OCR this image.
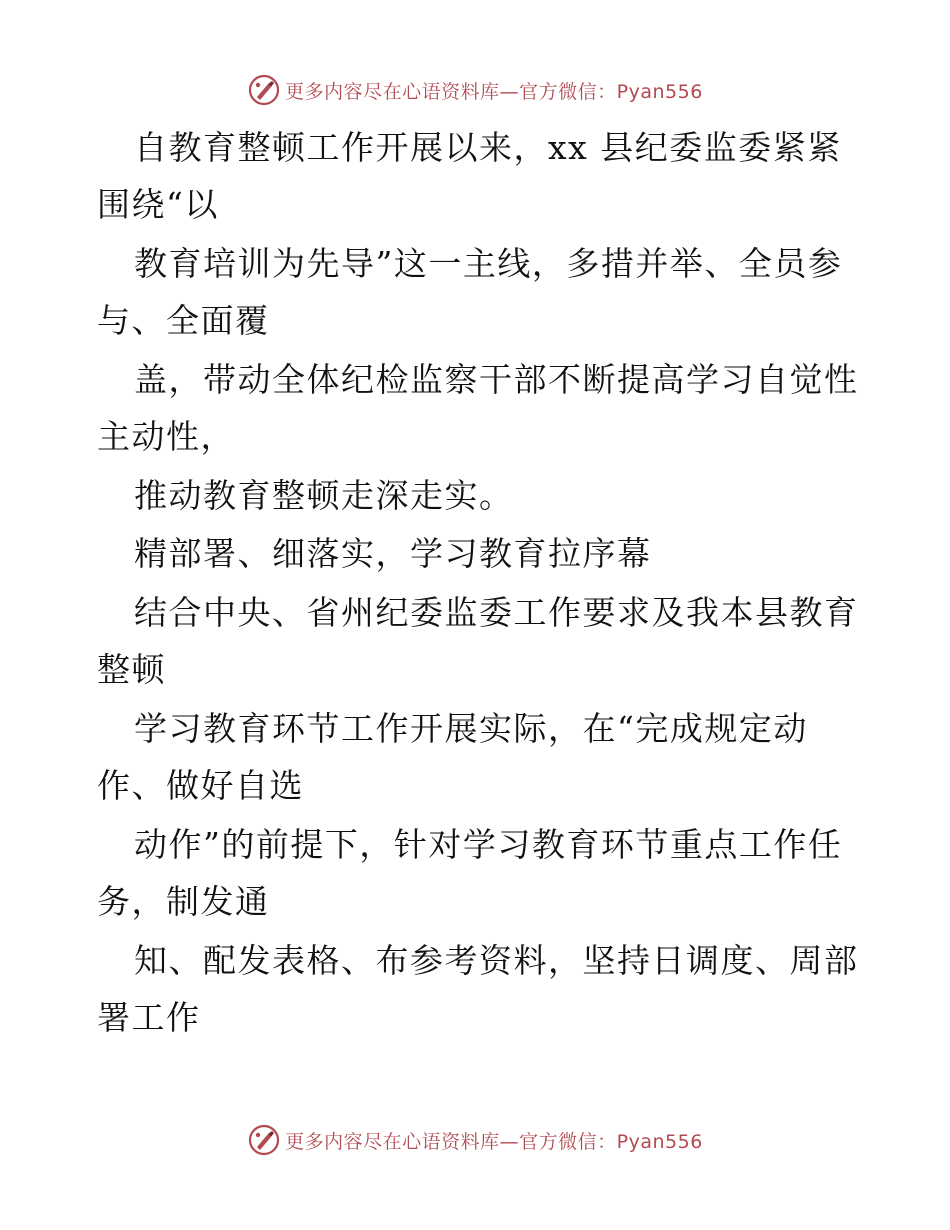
更多内容尽在心语资料库—官方微信：Pyan556
自教育整顿工作开展以来，xx 县纪委监委紧紧
围绕“以
教育培训为先导”这一主线，多措并举、全员参
与、全面覆
盖，带动全体纪检监察干部不断提高学习自觉性
主动性，
推动教育整顿走深走实。
精部署、细落实，学习教育拉序幕
结合中央、省州纪委监委工作要求及我本县教育
整顿
学习教育环节工作开展实际，在“完成规定动
作、做好自选
动作”的前提下，针对学习教育环节重点工作任
务，制发通
知、配发表格、布参考资料，坚持日调度、周部
署工作
更多内容尽在心语资料库—官方微信：Pyan556
